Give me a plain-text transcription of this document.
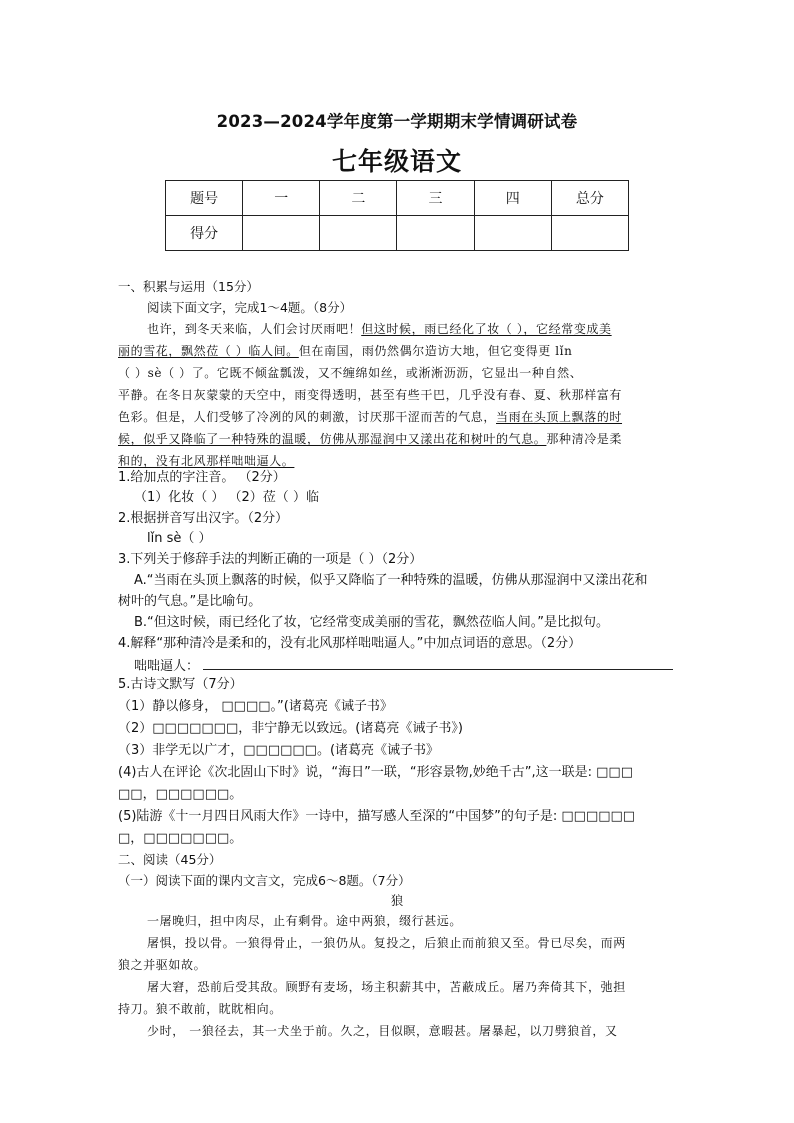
2023—2024学年度第一学期期末学情调研试卷
七年级语文
题号	一	二	三	四	总分
得分					
一、积累与运用（15分）
阅读下面文字，完成1～4题。（8分）
也许，到冬天来临，人们会讨厌雨吧！但这时候，雨已经化了妆（ ），它经常变成美
丽的雪花，飘然莅（ ）临人间。但在南国，雨仍然偶尔造访大地，但它变得更 lǐn
（ ）sè（ ）了。它既不倾盆瓢泼，又不缠绵如丝，或淅淅沥沥，它显出一种自然、
平静。在冬日灰蒙蒙的天空中，雨变得透明，甚至有些干巴，几乎没有春、夏、秋那样富有
色彩。但是，人们受够了冷冽的风的刺激，讨厌那干涩而苦的气息，当雨在头顶上飘落的时
候，似乎又降临了一种特殊的温暖，仿佛从那湿润中又漾出花和树叶的气息。那种清冷是柔
和的，没有北风那样咄咄逼人。
1.给加点的字注音。 （2分）
（1）化妆（ ） （2）莅（ ）临
2.根据拼音写出汉字。（2分）
lǐn sè（ ）
3.下列关于修辞手法的判断正确的一项是（ ）（2分）
A.“当雨在头顶上飘落的时候，似乎又降临了一种特殊的温暖，仿佛从那湿润中又漾出花和
树叶的气息。”是比喻句。
B.“但这时候，雨已经化了妆，它经常变成美丽的雪花，飘然莅临人间。”是比拟句。
4.解释“那种清冷是柔和的，没有北风那样咄咄逼人。”中加点词语的意思。（2分）
咄咄逼人：
5.古诗文默写（7分）
（1）静以修身， □□□□。”(诸葛亮《诫子书》
（2）□□□□□□□，非宁静无以致远。(诸葛亮《诫子书》)
（3）非学无以广才，□□□□□□。(诸葛亮《诫子书》
(4)古人在评论《次北固山下时》说，“海日”一联，“形容景物,妙绝千古”,这一联是: □□□
□□，□□□□□□。
(5)陆游《十一月四日风雨大作》一诗中，描写感人至深的“中国梦”的句子是: □□□□□□
□，□□□□□□□。
二、阅读（45分）
（一）阅读下面的课内文言文，完成6～8题。（7分）
狼
一屠晚归，担中肉尽，止有剩骨。途中两狼，缀行甚远。
屠惧，投以骨。一狼得骨止，一狼仍从。复投之，后狼止而前狼又至。骨已尽矣，而两
狼之并驱如故。
屠大窘，恐前后受其敌。顾野有麦场，场主积薪其中，苫蔽成丘。屠乃奔倚其下，弛担
持刀。狼不敢前，眈眈相向。
少时， 一狼径去，其一犬坐于前。久之，目似瞑，意暇甚。屠暴起，以刀劈狼首，又
